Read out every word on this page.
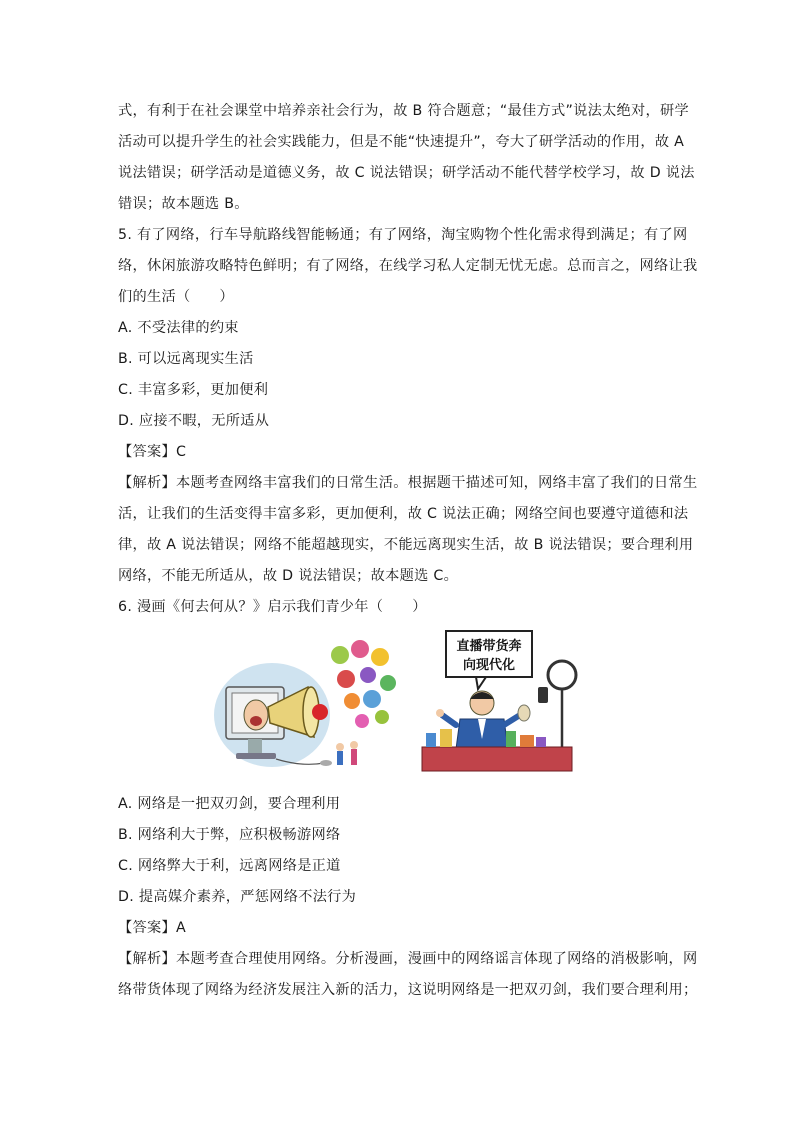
式，有利于在社会课堂中培养亲社会行为，故 B 符合题意；“最佳方式”说法太绝对，研学
活动可以提升学生的社会实践能力，但是不能“快速提升”，夸大了研学活动的作用，故 A
说法错误；研学活动是道德义务，故 C 说法错误；研学活动不能代替学校学习，故 D 说法
错误；故本题选 B。
5. 有了网络，行车导航路线智能畅通；有了网络，淘宝购物个性化需求得到满足；有了网
络，休闲旅游攻略特色鲜明；有了网络，在线学习私人定制无忧无虑。总而言之，网络让我
们的生活（　　）
A. 不受法律的约束
B. 可以远离现实生活
C. 丰富多彩，更加便利
D. 应接不暇，无所适从
【答案】C
【解析】本题考查网络丰富我们的日常生活。根据题干描述可知，网络丰富了我们的日常生
活，让我们的生活变得丰富多彩，更加便利，故 C 说法正确；网络空间也要遵守道德和法
律，故 A 说法错误；网络不能超越现实，不能远离现实生活，故 B 说法错误；要合理利用
网络，不能无所适从，故 D 说法错误；故本题选 C。
6. 漫画《何去何从？》启示我们青少年（　　）
直播带货奔
向现代化
A. 网络是一把双刃剑，要合理利用
B. 网络利大于弊，应积极畅游网络
C. 网络弊大于利，远离网络是正道
D. 提高媒介素养，严惩网络不法行为
【答案】A
【解析】本题考查合理使用网络。分析漫画，漫画中的网络谣言体现了网络的消极影响，网
络带货体现了网络为经济发展注入新的活力，这说明网络是一把双刃剑，我们要合理利用；
